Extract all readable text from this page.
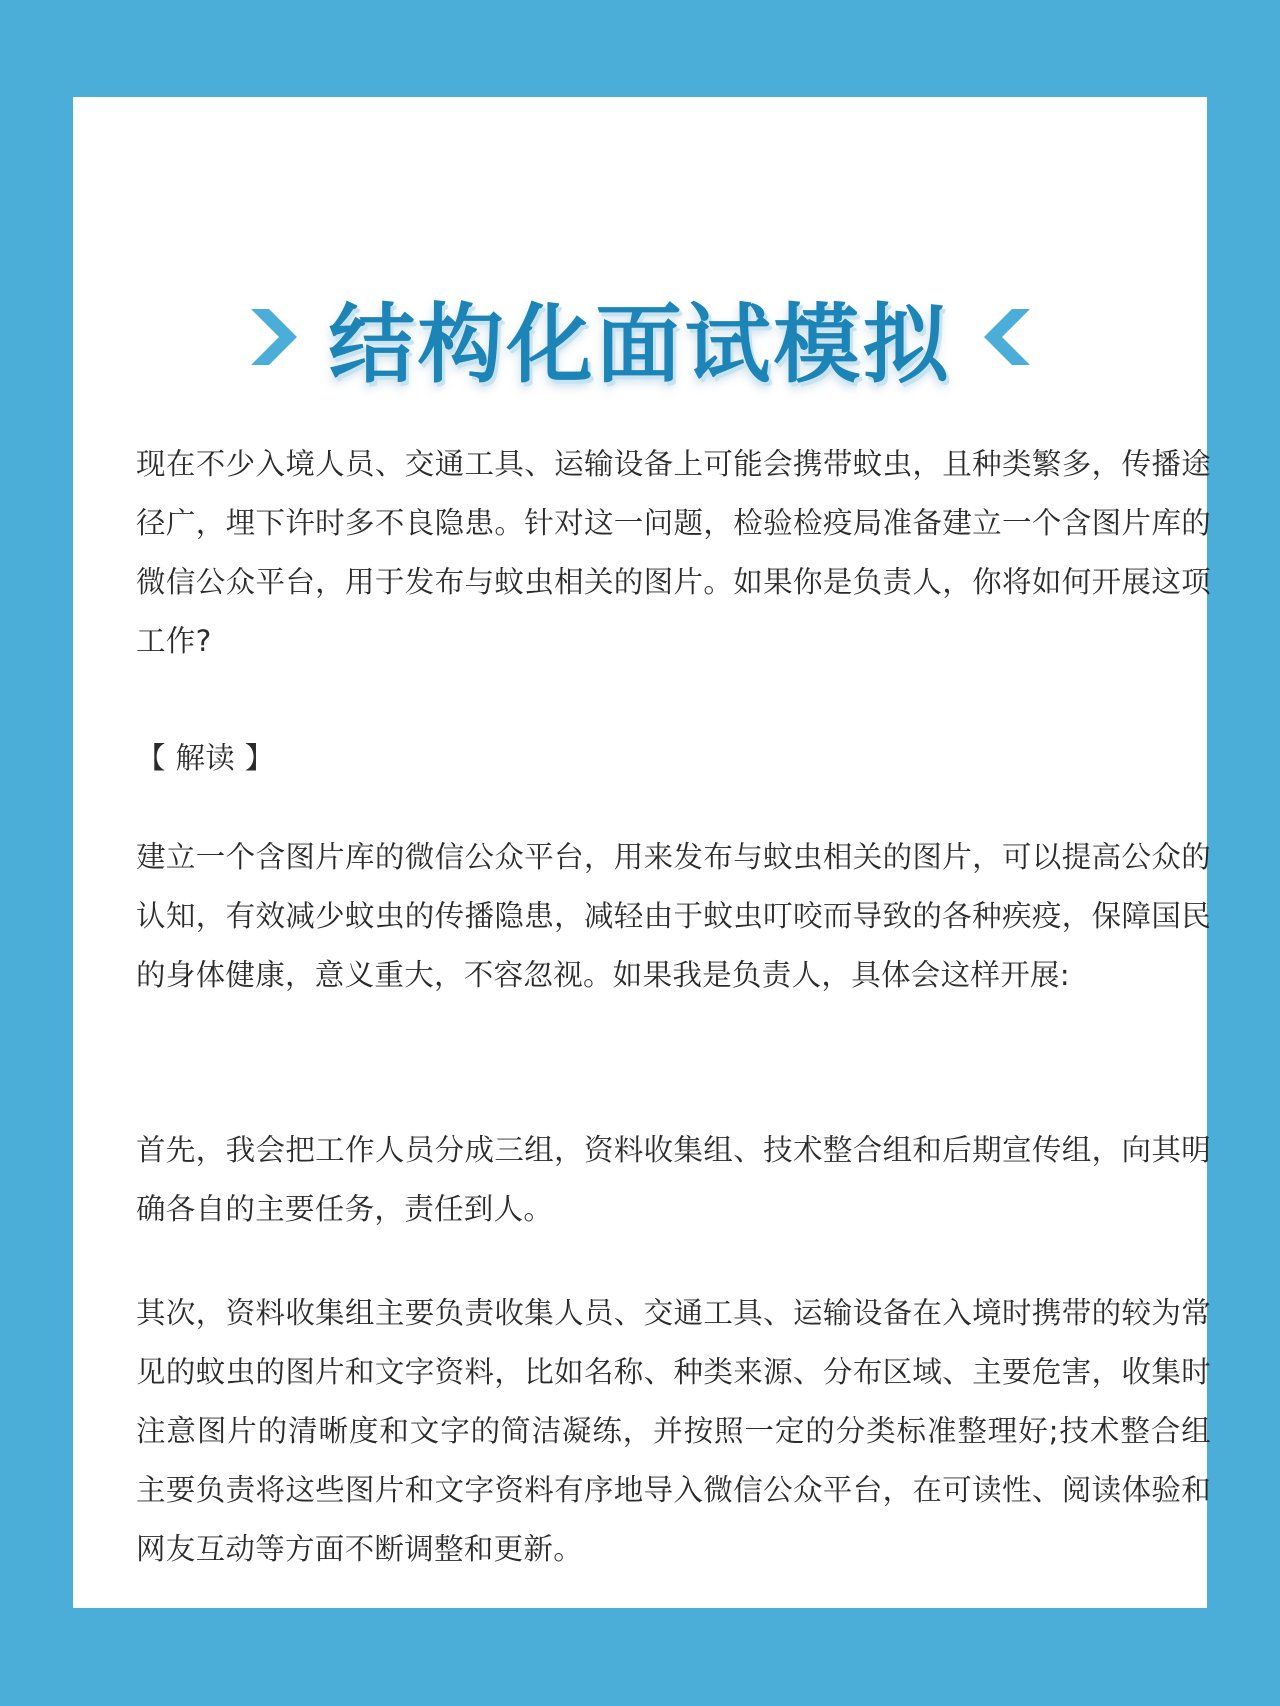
结构化面试模拟

现在不少入境人员、交通工具、运输设备上可能会携带蚊虫，且种类繁多，传播途径广，埋下许时多不良隐患。针对这一问题，检验检疫局准备建立一个含图片库的微信公众平台，用于发布与蚊虫相关的图片。如果你是负责人，你将如何开展这项工作?

【 解读 】

建立一个含图片库的微信公众平台，用来发布与蚊虫相关的图片，可以提高公众的认知，有效减少蚊虫的传播隐患，减轻由于蚊虫叮咬而导致的各种疾疫，保障国民的身体健康，意义重大，不容忽视。如果我是负责人，具体会这样开展:

首先，我会把工作人员分成三组，资料收集组、技术整合组和后期宣传组，向其明确各自的主要任务，责任到人。

其次，资料收集组主要负责收集人员、交通工具、运输设备在入境时携带的较为常见的蚊虫的图片和文字资料，比如名称、种类来源、分布区域、主要危害，收集时注意图片的清晰度和文字的简洁凝练，并按照一定的分类标准整理好;技术整合组主要负责将这些图片和文字资料有序地导入微信公众平台，在可读性、阅读体验和网友互动等方面不断调整和更新。
